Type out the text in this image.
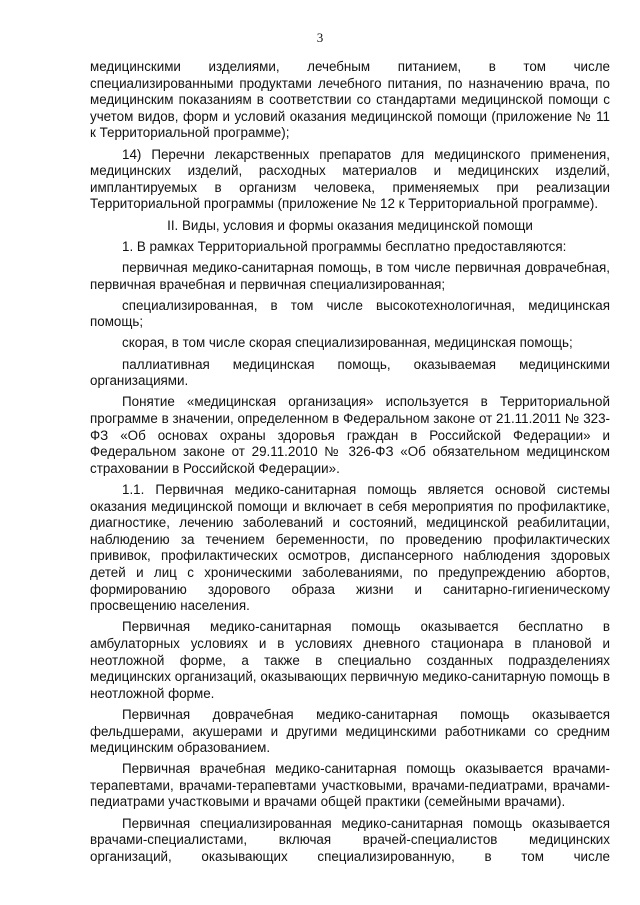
3

медицинскими изделиями, лечебным питанием, в том числе специализированными продуктами лечебного питания, по назначению врача, по медицинским показаниям в соответствии со стандартами медицинской помощи с учетом видов, форм и условий оказания медицинской помощи (приложение № 11 к Территориальной программе);

14) Перечни лекарственных препаратов для медицинского применения, медицинских изделий, расходных материалов и медицинских изделий, имплантируемых в организм человека, применяемых при реализации Территориальной программы (приложение № 12 к Территориальной программе).

II. Виды, условия и формы оказания медицинской помощи

1. В рамках Территориальной программы бесплатно предоставляются:

первичная медико-санитарная помощь, в том числе первичная доврачебная, первичная врачебная и первичная специализированная;

специализированная, в том числе высокотехнологичная, медицинская помощь;

скорая, в том числе скорая специализированная, медицинская помощь;

паллиативная медицинская помощь, оказываемая медицинскими организациями.

Понятие «медицинская организация» используется в Территориальной программе в значении, определенном в Федеральном законе от 21.11.2011 № 323-ФЗ «Об основах охраны здоровья граждан в Российской Федерации» и Федеральном законе от 29.11.2010 № 326-ФЗ «Об обязательном медицинском страховании в Российской Федерации».

1.1. Первичная медико-санитарная помощь является основой системы оказания медицинской помощи и включает в себя мероприятия по профилактике, диагностике, лечению заболеваний и состояний, медицинской реабилитации, наблюдению за течением беременности, по проведению профилактических прививок, профилактических осмотров, диспансерного наблюдения здоровых детей и лиц с хроническими заболеваниями, по предупреждению абортов, формированию здорового образа жизни и санитарно-гигиеническому просвещению населения.

Первичная медико-санитарная помощь оказывается бесплатно в амбулаторных условиях и в условиях дневного стационара в плановой и неотложной форме, а также в специально созданных подразделениях медицинских организаций, оказывающих первичную медико-санитарную помощь в неотложной форме.

Первичная доврачебная медико-санитарная помощь оказывается фельдшерами, акушерами и другими медицинскими работниками со средним медицинским образованием.

Первичная врачебная медико-санитарная помощь оказывается врачами-терапевтами, врачами-терапевтами участковыми, врачами-педиатрами, врачами-педиатрами участковыми и врачами общей практики (семейными врачами).

Первичная специализированная медико-санитарная помощь оказывается врачами-специалистами, включая врачей-специалистов медицинских организаций, оказывающих специализированную, в том числе
